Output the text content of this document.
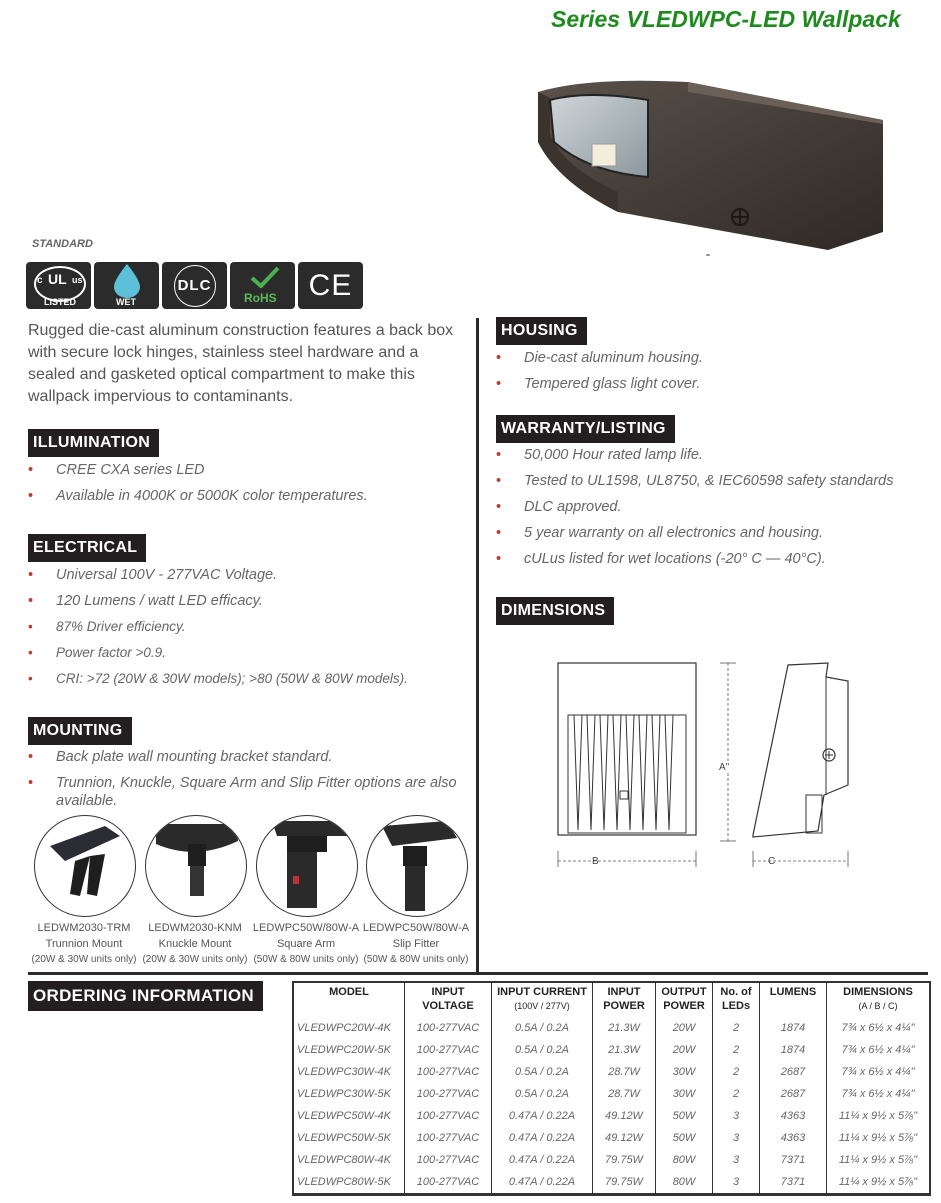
Series VLEDWPC-LED Wallpack
STANDARD
c UL us
LISTED	WET
DLC
RoHS CE
Rugged die-cast aluminum construction features a back box with secure lock hinges, stainless steel hardware and a sealed and gasketed optical compartment to make this wallpack impervious to contaminants.
ILLUMINATION
• CREE CXA series LED
• Available in 4000K or 5000K color temperatures.
ELECTRICAL
• Universal 100V - 277VAC Voltage.
• 120 Lumens / watt LED efficacy.
• 87% Driver efficiency.
• Power factor >0.9.
• CRI: >72 (20W & 30W models); >80 (50W & 80W models).
MOUNTING
• Back plate wall mounting bracket standard.
• Trunnion, Knuckle, Square Arm and Slip Fitter options are also available.
LEDWM2030-TRM
Trunnion Mount
(20W & 30W units only)
LEDWM2030-KNM
Knuckle Mount
(20W & 30W units only)
LEDWPC50W/80W-A
Square Arm
(50W & 80W units only)
LEDWPC50W/80W-A
Slip Fitter
(50W & 80W units only)
HOUSING
• Die-cast aluminum housing.
• Tempered glass light cover.
WARRANTY/LISTING
• 50,000 Hour rated lamp life.
• Tested to UL1598, UL8750, & IEC60598 safety standards
• DLC approved.
• 5 year warranty on all electronics and housing.
• cULus listed for wet locations (-20° C — 40°C).
DIMENSIONS
B
A"
C
ORDERING INFORMATION	MODEL	INPUT VOLTAGE	INPUT CURRENT
(100V / 277V)	INPUT POWER	OUTPUT POWER	No. of LEDs	LUMENS	DIMENSIONS
(A / B / C)

VLEDWPC20W-4K	100-277VAC	0.5A / 0.2A	21.3W	20W	2	1874	7¾ x 6½ x 4¼"
VLEDWPC20W-5K	100-277VAC	0.5A / 0.2A	21.3W	20W	2	1874	7¾ x 6½ x 4¼"
VLEDWPC30W-4K	100-277VAC	0.5A / 0.2A	28.7W	30W	2	2687	7¾ x 6½ x 4¼"
VLEDWPC30W-5K	100-277VAC	0.5A / 0.2A	28.7W	30W	2	2687	7¾ x 6½ x 4¼"
VLEDWPC50W-4K	100-277VAC	0.47A / 0.22A	49.12W	50W	3	4363	11¼ x 9½ x 5⅞"
VLEDWPC50W-5K	100-277VAC	0.47A / 0.22A	49.12W	50W	3	4363	11¼ x 9½ x 5⅞"
VLEDWPC80W-4K	100-277VAC	0.47A / 0.22A	79.75W	80W	3	7371	11¼ x 9½ x 5⅞"
VLEDWPC80W-5K	100-277VAC	0.47A / 0.22A	79.75W	80W	3	7371	11¼ x 9½ x 5⅞"
